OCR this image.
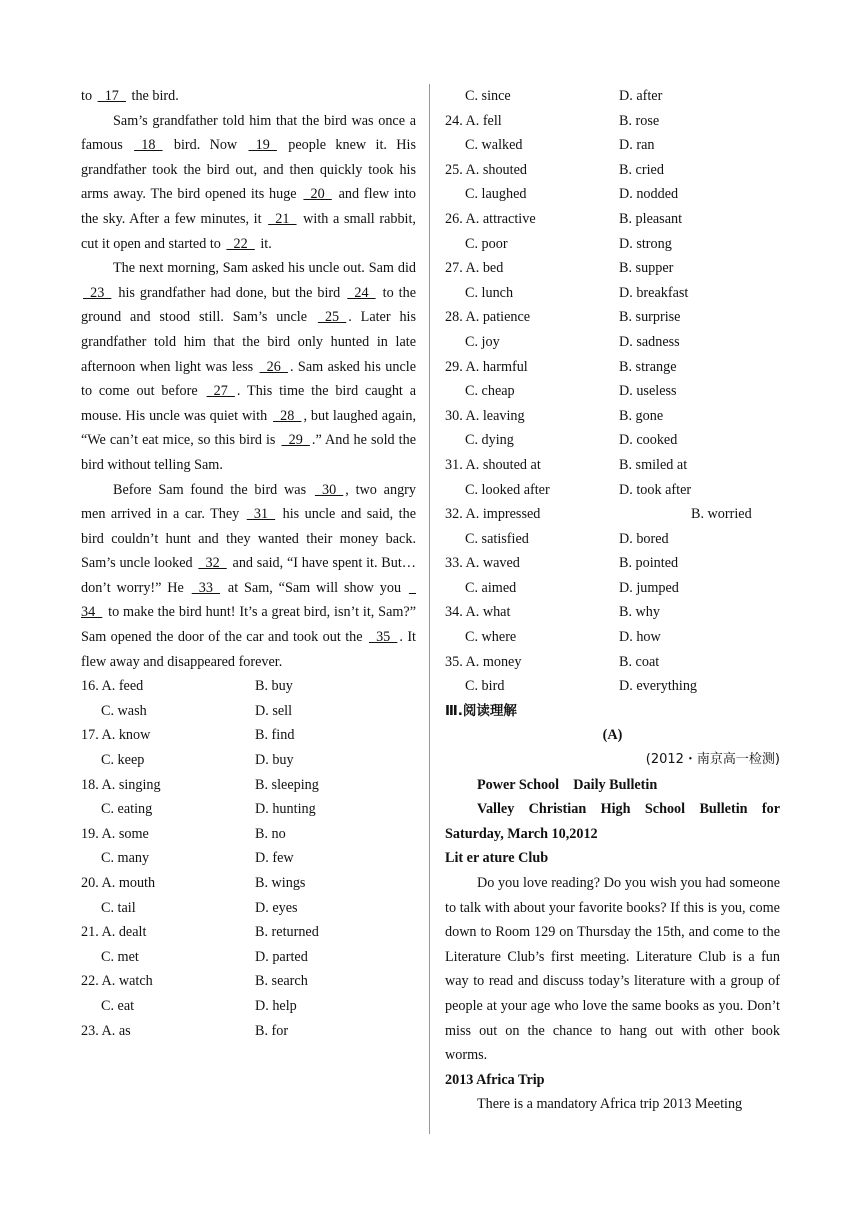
to  17  the bird.

Sam’s grandfather told him that the bird was once a famous  18  bird. Now  19  people knew it. His grandfather took the bird out, and then quickly took his arms away. The bird opened its huge  20  and flew into the sky. After a few minutes, it  21  with a small rabbit, cut it open and started to  22  it.

The next morning, Sam asked his uncle out. Sam did  23  his grandfather had done, but the bird  24  to the ground and stood still. Sam’s uncle  25 . Later his grandfather told him that the bird only hunted in late afternoon when light was less  26 . Sam asked his uncle to come out before  27 . This time the bird caught a mouse. His uncle was quiet with  28 , but laughed again, “We can’t eat mice, so this bird is  29 .” And he sold the bird without telling Sam.

Before Sam found the bird was  30 , two angry men arrived in a car. They  31  his uncle and said, the bird couldn’t hunt and they wanted their money back. Sam’s uncle looked  32  and said, “I have spent it. But… don’t worry!” He  33  at Sam, “Sam will show you  34  to make the bird hunt! It’s a great bird, isn’t it, Sam?” Sam opened the door of the car and took out the  35 . It flew away and disappeared forever.

16. A. feed	B. buy
C. wash	D. sell
17. A. know	B. find
C. keep	D. buy
18. A. singing	B. sleeping
C. eating	D. hunting
19. A. some	B. no
C. many	D. few
20. A. mouth	B. wings
C. tail	D. eyes
21. A. dealt	B. returned
C. met	D. parted
22. A. watch	B. search
C. eat	D. help
23. A. as	B. for
C. since	D. after
24. A. fell	B. rose
C. walked	D. ran
25. A. shouted	B. cried
C. laughed	D. nodded
26. A. attractive	B. pleasant
C. poor	D. strong
27. A. bed	B. supper
C. lunch	D. breakfast
28. A. patience	B. surprise
C. joy	D. sadness
29. A. harmful	B. strange
C. cheap	D. useless
30. A. leaving	B. gone
C. dying	D. cooked
31. A. shouted at	B. smiled at
C. looked after	D. took after
32. A. impressed	B. worried
C. satisfied	D. bored
33. A. waved	B. pointed
C. aimed	D. jumped
34. A. what	B. why
C. where	D. how
35. A. money	B. coat
C. bird	D. everything
Ⅲ.阅读理解
(A)
(2012・南京高一检测)

Power School　Daily Bulletin

Valley Christian High School Bulletin for Saturday, March 10,2012

Lit er ature Club

Do you love reading? Do you wish you had someone to talk with about your favorite books? If this is you, come down to Room 129 on Thursday the 15th, and come to the Literature Club’s first meeting. Literature Club is a fun way to read and discuss today’s literature with a group of people at your age who love the same books as you. Don’t miss out on the chance to hang out with other book worms.

2013 Africa Trip

There is a mandatory Africa trip 2013 Meeting
